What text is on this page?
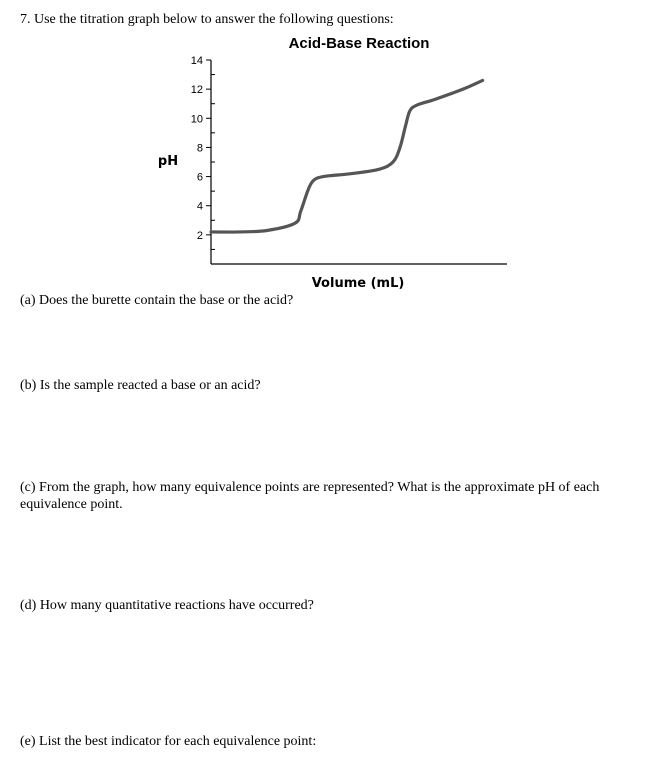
7. Use the titration graph below to answer the following questions:

Acid-Base Reaction
pH
Volume (mL)
2
4
6
8
10
12
14

(a) Does the burette contain the base or the acid?

(b) Is the sample reacted a base or an acid?

(c) From the graph, how many equivalence points are represented? What is the approximate pH of each equivalence point.

(d) How many quantitative reactions have occurred?

(e) List the best indicator for each equivalence point:
